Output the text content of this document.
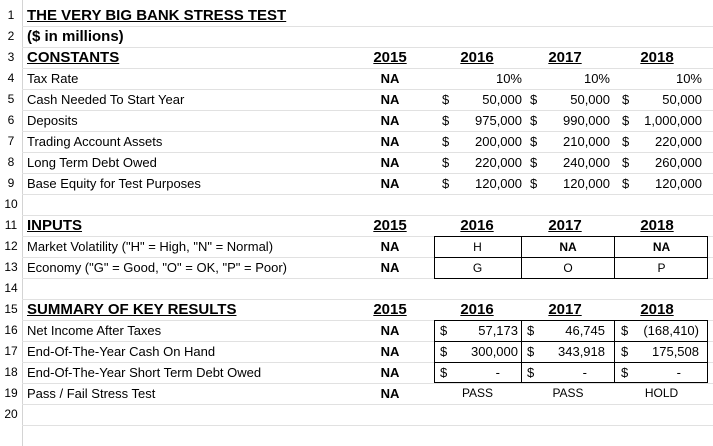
1
2
3
4
5
6
7
8
9
10
11
12
13
14
15
16
17
18
19
20
THE VERY BIG BANK STRESS TEST
($ in millions)
CONSTANTS	2015	2016	2017	2018
Tax Rate	NA	10%	10%	10%
Cash Needed To Start Year	NA	$	50,000 $	50,000 $	50,000
Deposits	NA	$	975,000 $	990,000 $	1,000,000
Trading Account Assets	NA	$	200,000 $	210,000 $	220,000
Long Term Debt Owed	NA	$	220,000 $	240,000 $	260,000
Base Equity for Test Purposes	NA	$	120,000 $	120,000 $	120,000
INPUTS	2015	2016	2017	2018
Market Volatility ("H" = High, "N" = Normal)	NA	H	NA	NA
Economy ("G" = Good, "O" = OK, "P" = Poor)	NA	G	O	P
SUMMARY OF KEY RESULTS	2015	2016	2017	2018
Net Income After Taxes	NA	$	57,173 $	46,745 $	(168,410)
End-Of-The-Year Cash On Hand	NA	$	300,000 $	343,918 $	175,508
End-Of-The-Year Short Term Debt Owed	NA	$	- $	-	$	-
Pass / Fail Stress Test	NA	PASS	PASS	HOLD
